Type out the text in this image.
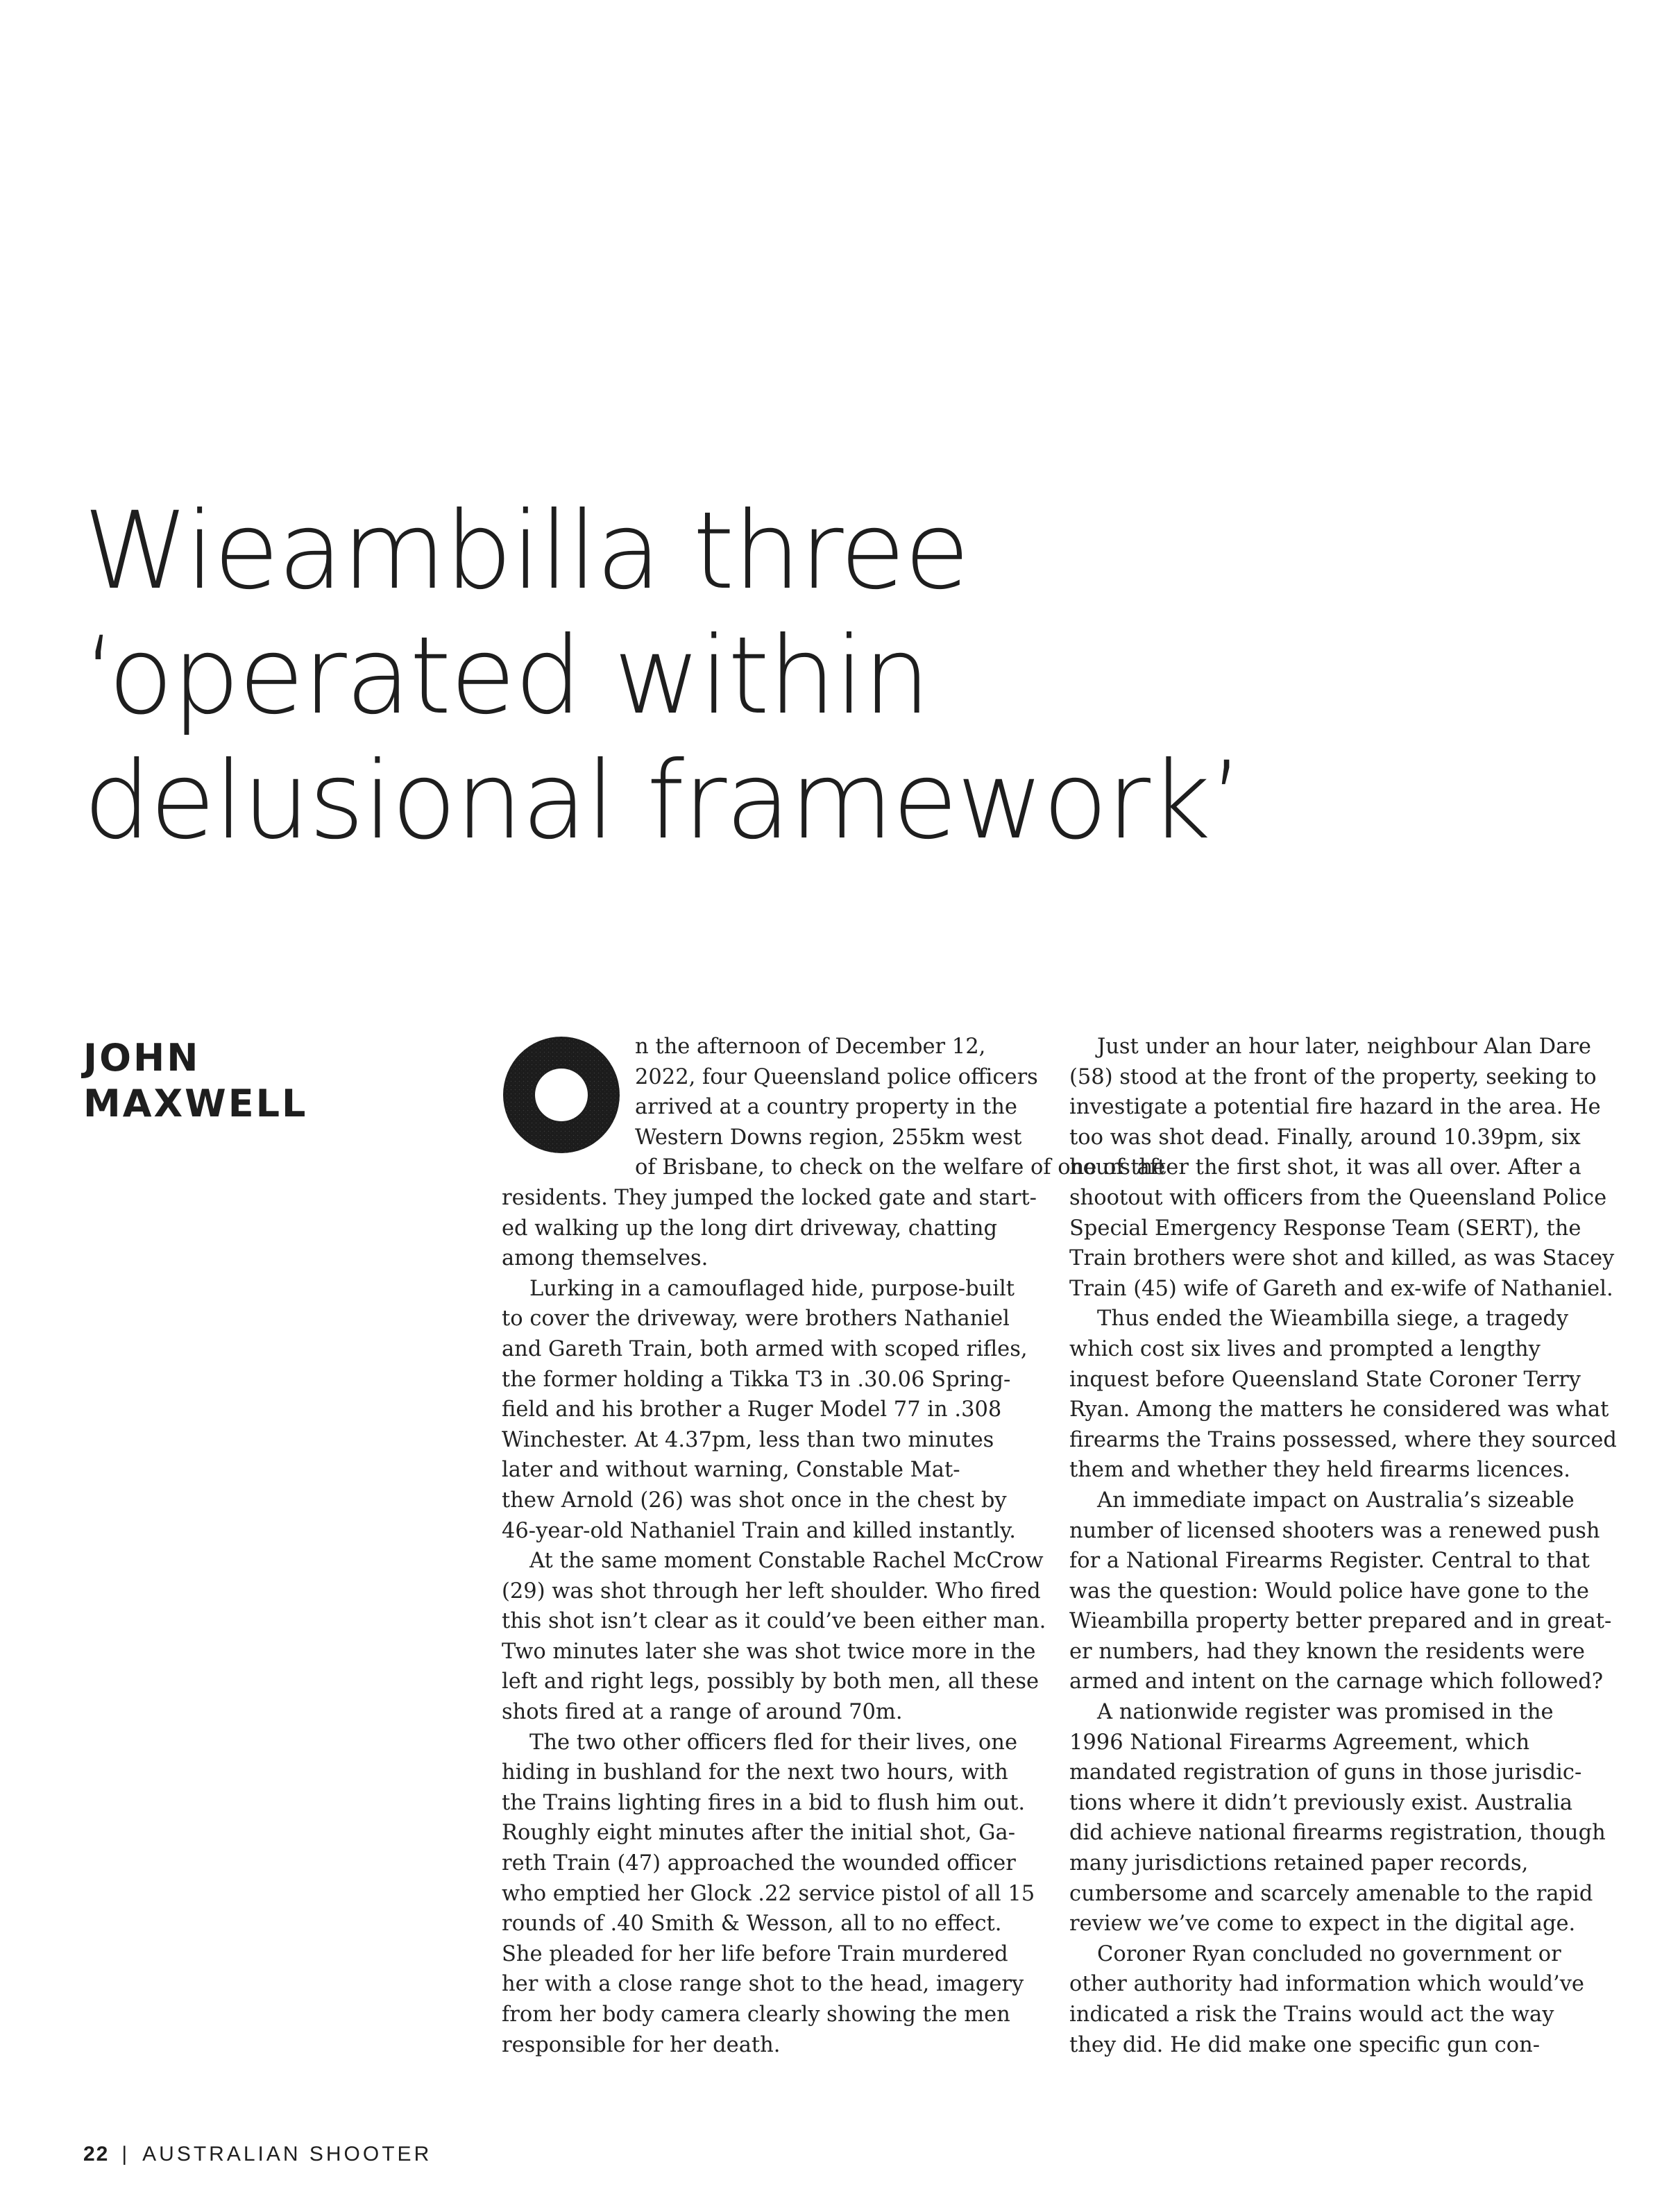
Wieambilla three
‘operated within
delusional framework’
JOHN
MAXWELL

n the afternoon of December 12,
2022, four Queensland police officers
arrived at a country property in the
Western Downs region, 255km west
of Brisbane, to check on the welfare of one of the
residents. They jumped the locked gate and start-
ed walking up the long dirt driveway, chatting
among themselves.

Lurking in a camouflaged hide, purpose-built
to cover the driveway, were brothers Nathaniel
and Gareth Train, both armed with scoped rifles,
the former holding a Tikka T3 in .30.06 Spring-
field and his brother a Ruger Model 77 in .308
Winchester. At 4.37pm, less than two minutes
later and without warning, Constable Mat-
thew Arnold (26) was shot once in the chest by
46-year-old Nathaniel Train and killed instantly.

At the same moment Constable Rachel McCrow
(29) was shot through her left shoulder. Who fired
this shot isn’t clear as it could’ve been either man.
Two minutes later she was shot twice more in the
left and right legs, possibly by both men, all these
shots fired at a range of around 70m.

The two other officers fled for their lives, one
hiding in bushland for the next two hours, with
the Trains lighting fires in a bid to flush him out.
Roughly eight minutes after the initial shot, Ga-
reth Train (47) approached the wounded officer
who emptied her Glock .22 service pistol of all 15
rounds of .40 Smith & Wesson, all to no effect.
She pleaded for her life before Train murdered
her with a close range shot to the head, imagery
from her body camera clearly showing the men
responsible for her death.

Just under an hour later, neighbour Alan Dare
(58) stood at the front of the property, seeking to
investigate a potential fire hazard in the area. He
too was shot dead. Finally, around 10.39pm, six
hours after the first shot, it was all over. After a
shootout with officers from the Queensland Police
Special Emergency Response Team (SERT), the
Train brothers were shot and killed, as was Stacey
Train (45) wife of Gareth and ex-wife of Nathaniel.

Thus ended the Wieambilla siege, a tragedy
which cost six lives and prompted a lengthy
inquest before Queensland State Coroner Terry
Ryan. Among the matters he considered was what
firearms the Trains possessed, where they sourced
them and whether they held firearms licences.

An immediate impact on Australia’s sizeable
number of licensed shooters was a renewed push
for a National Firearms Register. Central to that
was the question: Would police have gone to the
Wieambilla property better prepared and in great-
er numbers, had they known the residents were
armed and intent on the carnage which followed?

A nationwide register was promised in the
1996 National Firearms Agreement, which
mandated registration of guns in those jurisdic-
tions where it didn’t previously exist. Australia
did achieve national firearms registration, though
many jurisdictions retained paper records,
cumbersome and scarcely amenable to the rapid
review we’ve come to expect in the digital age.

Coroner Ryan concluded no government or
other authority had information which would’ve
indicated a risk the Trains would act the way
they did. He did make one specific gun con-

22 | AUSTRALIAN SHOOTER
